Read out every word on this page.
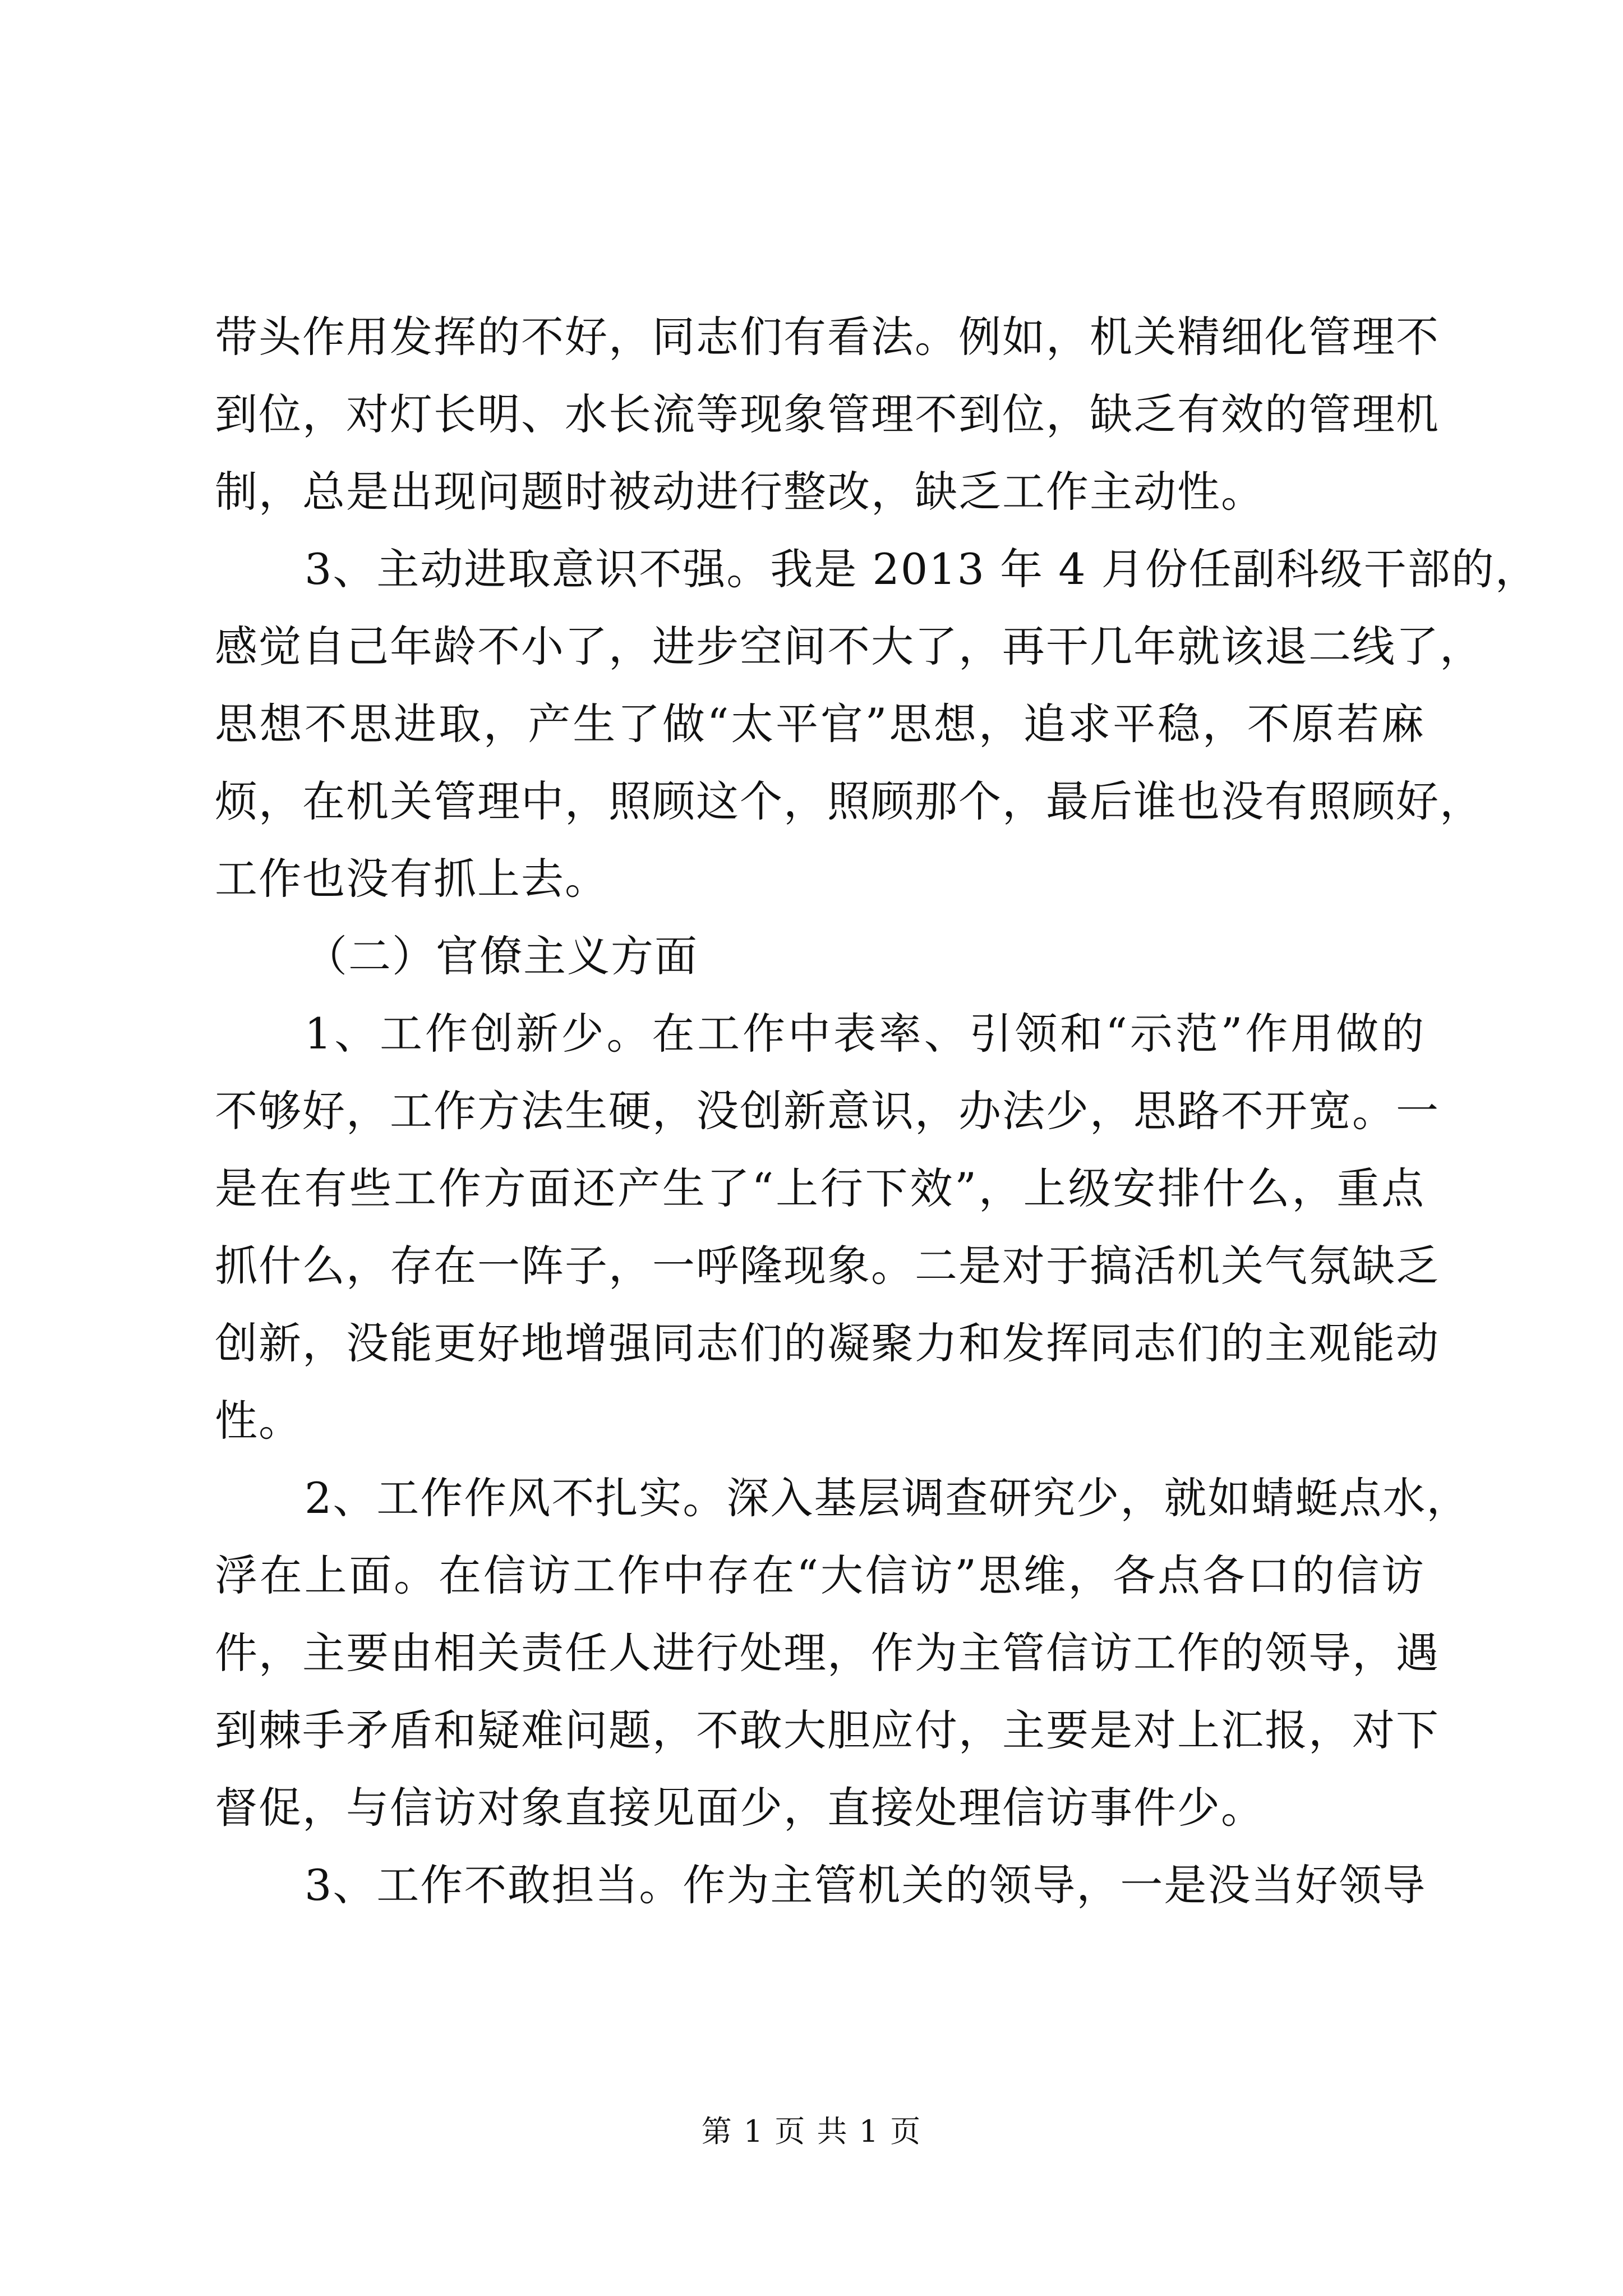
带头作用发挥的不好，同志们有看法。例如，机关精细化管理不
到位，对灯长明、水长流等现象管理不到位，缺乏有效的管理机
制，总是出现问题时被动进行整改，缺乏工作主动性。
3、主动进取意识不强。我是 2013 年 4 月份任副科级干部的，
感觉自己年龄不小了，进步空间不大了，再干几年就该退二线了，
思想不思进取，产生了做“太平官”思想，追求平稳，不原若麻
烦，在机关管理中，照顾这个，照顾那个，最后谁也没有照顾好，
工作也没有抓上去。
（二）官僚主义方面
1、工作创新少。在工作中表率、引领和“示范”作用做的
不够好，工作方法生硬，没创新意识，办法少，思路不开宽。一
是在有些工作方面还产生了“上行下效”，上级安排什么，重点
抓什么，存在一阵子，一呼隆现象。二是对于搞活机关气氛缺乏
创新，没能更好地增强同志们的凝聚力和发挥同志们的主观能动
性。
2、工作作风不扎实。深入基层调查研究少，就如蜻蜓点水，
浮在上面。在信访工作中存在“大信访”思维，各点各口的信访
件，主要由相关责任人进行处理，作为主管信访工作的领导，遇
到棘手矛盾和疑难问题，不敢大胆应付，主要是对上汇报，对下
督促，与信访对象直接见面少，直接处理信访事件少。
3、工作不敢担当。作为主管机关的领导，一是没当好领导
第 1 页 共 1 页
